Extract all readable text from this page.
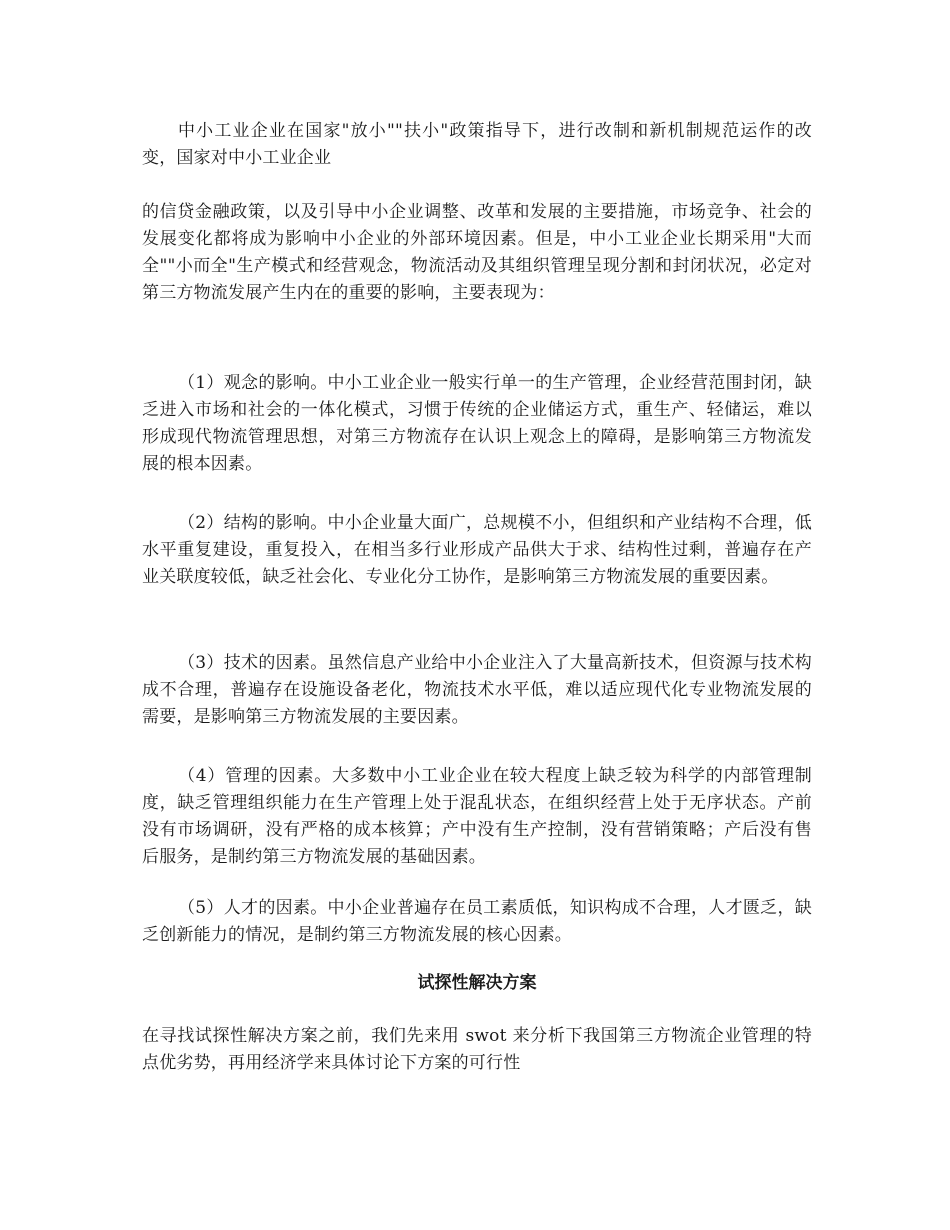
中小工业企业在国家"放小""扶小"政策指导下，进行改制和新机制规范运作的改变，国家对中小工业企业

的信贷金融政策，以及引导中小企业调整、改革和发展的主要措施，市场竞争、社会的发展变化都将成为影响中小企业的外部环境因素。但是，中小工业企业长期采用"大而全""小而全"生产模式和经营观念，物流活动及其组织管理呈现分割和封闭状况，必定对第三方物流发展产生内在的重要的影响，主要表现为：

（1）观念的影响。中小工业企业一般实行单一的生产管理，企业经营范围封闭，缺乏进入市场和社会的一体化模式，习惯于传统的企业储运方式，重生产、轻储运，难以形成现代物流管理思想，对第三方物流存在认识上观念上的障碍，是影响第三方物流发展的根本因素。

（2）结构的影响。中小企业量大面广，总规模不小，但组织和产业结构不合理，低水平重复建设，重复投入，在相当多行业形成产品供大于求、结构性过剩，普遍存在产业关联度较低，缺乏社会化、专业化分工协作，是影响第三方物流发展的重要因素。

（3）技术的因素。虽然信息产业给中小企业注入了大量高新技术，但资源与技术构成不合理，普遍存在设施设备老化，物流技术水平低，难以适应现代化专业物流发展的需要，是影响第三方物流发展的主要因素。

（4）管理的因素。大多数中小工业企业在较大程度上缺乏较为科学的内部管理制度，缺乏管理组织能力在生产管理上处于混乱状态，在组织经营上处于无序状态。产前没有市场调研，没有严格的成本核算；产中没有生产控制，没有营销策略；产后没有售后服务，是制约第三方物流发展的基础因素。

（5）人才的因素。中小企业普遍存在员工素质低，知识构成不合理，人才匮乏，缺乏创新能力的情况，是制约第三方物流发展的核心因素。

试探性解决方案

在寻找试探性解决方案之前，我们先来用 swot 来分析下我国第三方物流企业管理的特点优劣势，再用经济学来具体讨论下方案的可行性
